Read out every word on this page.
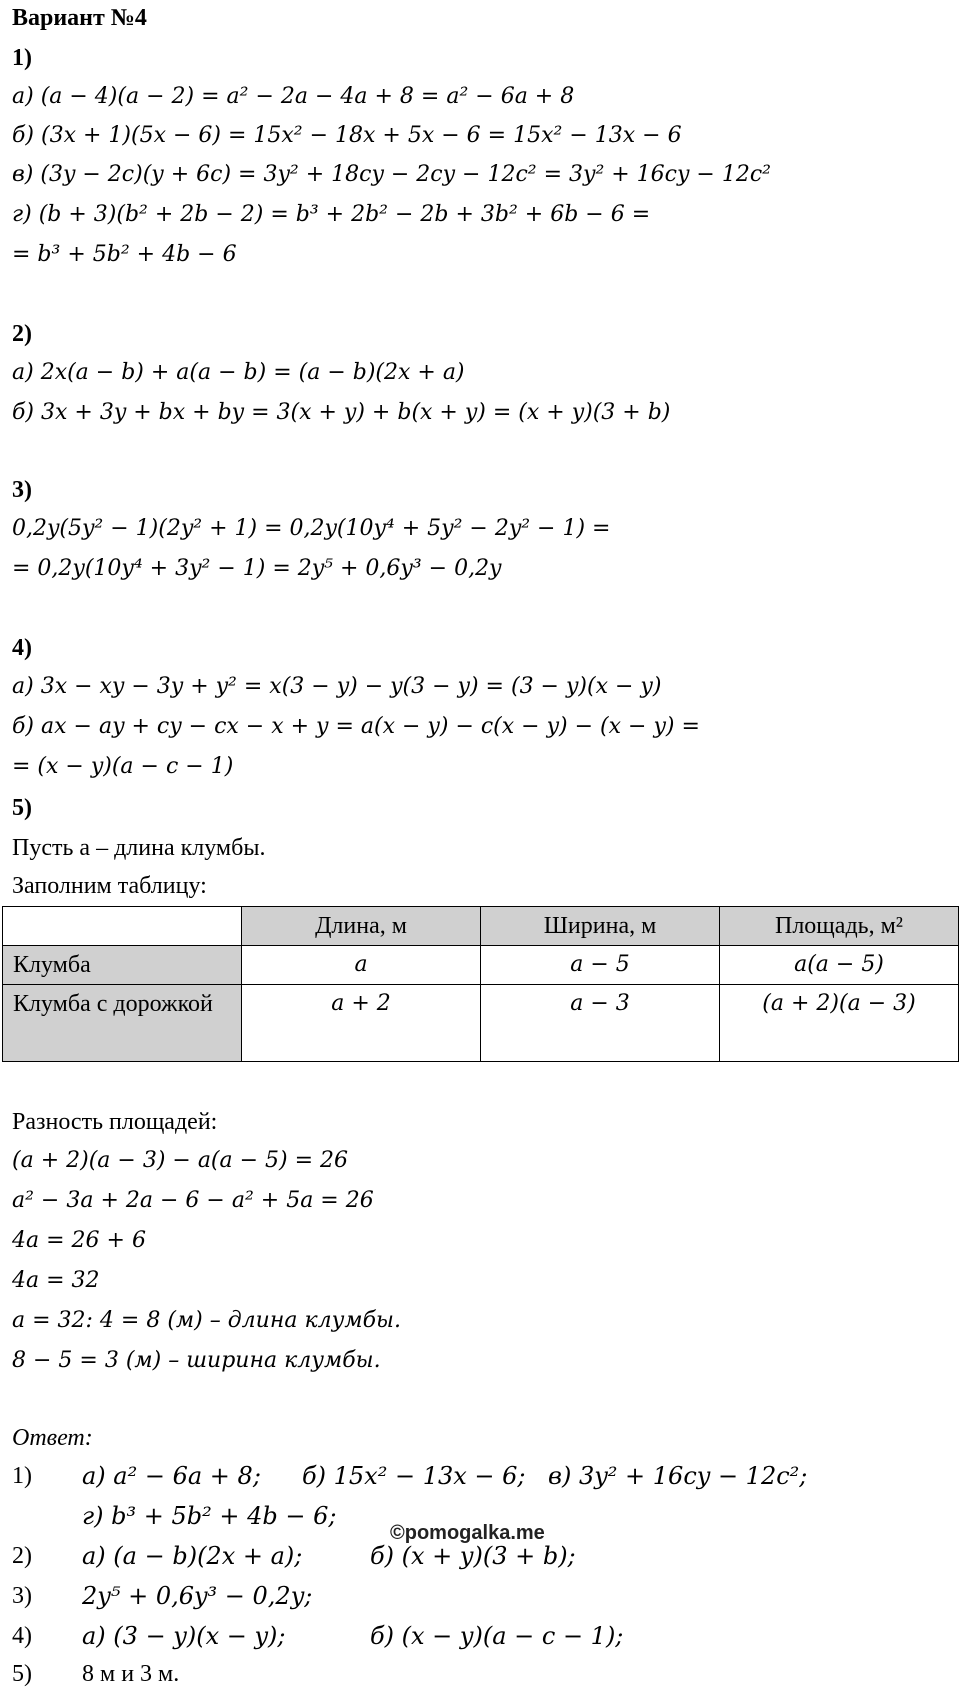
Вариант №4
1)
а) (a − 4)(a − 2) = a² − 2a − 4a + 8 = a² − 6a + 8
б) (3x + 1)(5x − 6) = 15x² − 18x + 5x − 6 = 15x² − 13x − 6
в) (3y − 2c)(y + 6c) = 3y² + 18cy − 2cy − 12c² = 3y² + 16cy − 12c²
г) (b + 3)(b² + 2b − 2) = b³ + 2b² − 2b + 3b² + 6b − 6 =
= b³ + 5b² + 4b − 6
2)
а) 2x(a − b) + a(a − b) = (a − b)(2x + a)
б) 3x + 3y + bx + by = 3(x + y) + b(x + y) = (x + y)(3 + b)
3)
0,2y(5y² − 1)(2y² + 1) = 0,2y(10y⁴ + 5y² − 2y² − 1) =
= 0,2y(10y⁴ + 3y² − 1) = 2y⁵ + 0,6y³ − 0,2y
4)
а) 3x − xy − 3y + y² = x(3 − y) − y(3 − y) = (3 − y)(x − y)
б) ax − ay + cy − cx − x + y = a(x − y) − c(x − y) − (x − y) =
= (x − y)(a − c − 1)
5)
Пусть a – длина клумбы.
Заполним таблицу:
	Длина, м	Ширина, м	Площадь, м²
Клумба	a	a − 5	a(a − 5)
Клумба с дорожкой	a + 2	a − 3	(a + 2)(a − 3)
Разность площадей:
(a + 2)(a − 3) − a(a − 5) = 26
a² − 3a + 2a − 6 − a² + 5a = 26
4a = 26 + 6
4a = 32
a = 32: 4 = 8 (м) – длина клумбы.
8 − 5 = 3 (м) – ширина клумбы.
Ответ:
1) а) a² − 6a + 8; б) 15x² − 13x − 6; в) 3y² + 16cy − 12c²;
г) b³ + 5b² + 4b − 6;
©pomogalka.me
2) а) (a − b)(2x + a);	б) (x + y)(3 + b);
3) 2y⁵ + 0,6y³ − 0,2y;
4) а) (3 − y)(x − y);	б) (x − y)(a − c − 1);
5) 8 м и 3 м.
